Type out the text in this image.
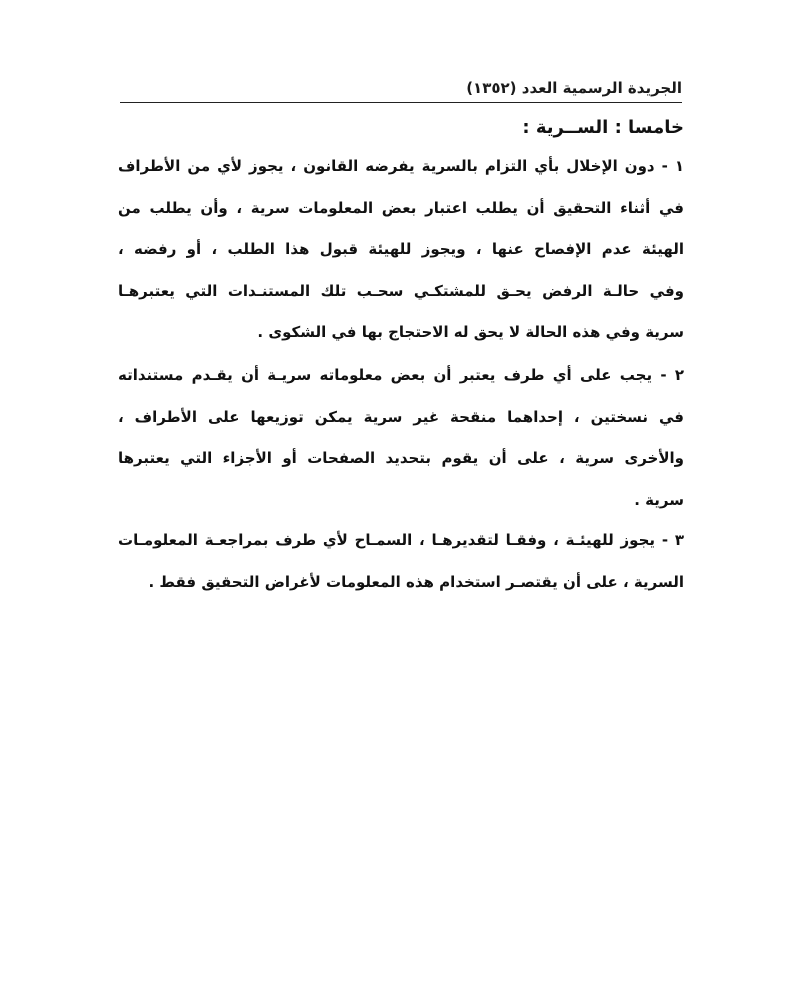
الجريدة الرسمية العدد (١٣٥٢)
خامسا : الســرية :
١ - دون الإخلال بأي التزام بالسرية يفرضه القانون ، يجوز لأي من الأطراف
في أثناء التحقيق أن يطلب اعتبار بعض المعلومات سرية ، وأن يطلب من
الهيئة عدم الإفصاح عنها ، ويجوز للهيئة قبول هذا الطلب ، أو رفضه ،
وفي حالـة الرفض يحـق للمشتكـي سحـب تلك المستنـدات التي يعتبرهـا
سرية وفي هذه الحالة لا يحق له الاحتجاج بها في الشكوى .
٢ - يجب على أي طرف يعتبر أن بعض معلوماته سريـة أن يقـدم مستنداته
في نسختين ، إحداهما منقحة غير سرية يمكن توزيعها على الأطراف ،
والأخرى سرية ، على أن يقوم بتحديد الصفحات أو الأجزاء التي يعتبرها
سرية .
٣ - يجوز للهيئـة ، وفقـا لتقديرهـا ، السمـاح لأي طرف بمراجعـة المعلومـات
السرية ، على أن يقتصـر استخدام هذه المعلومات لأغراض التحقيق فقط .
